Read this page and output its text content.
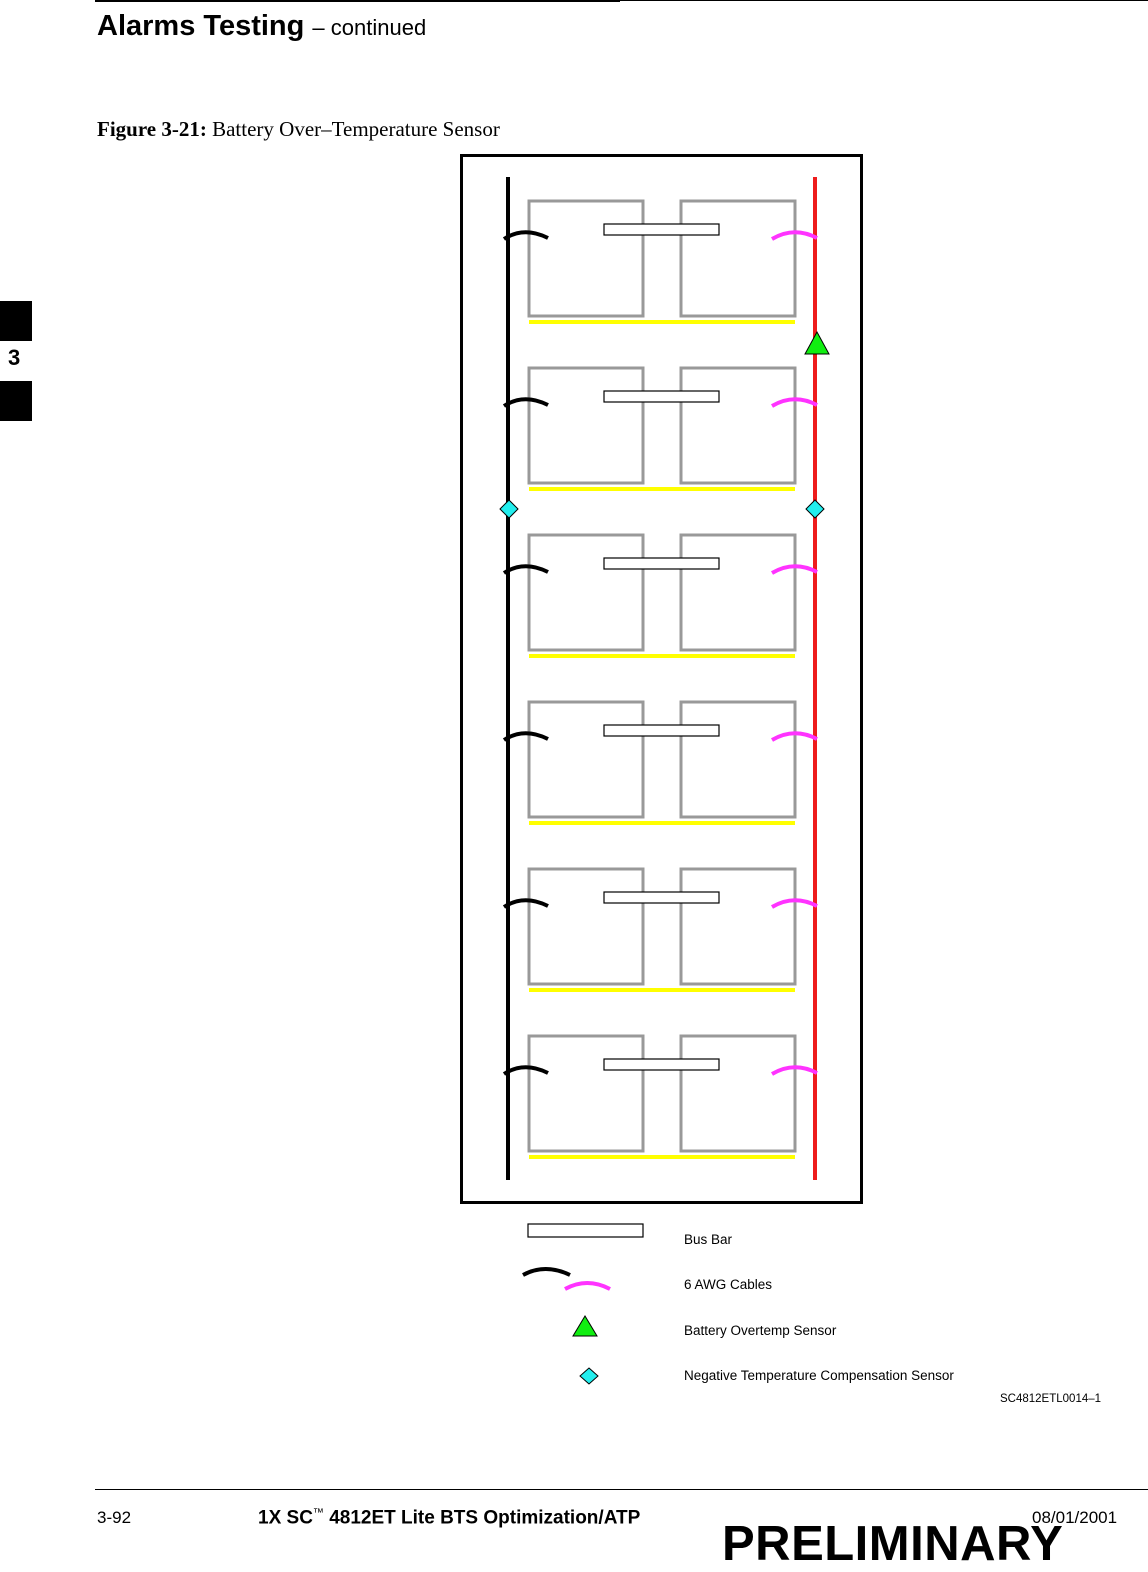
Alarms Testing – continued
Figure 3-21: Battery Over–Temperature Sensor
3
Bus Bar
6 AWG Cables
Battery Overtemp Sensor
Negative Temperature Compensation Sensor
SC4812ETL0014–1
3-92	1X SC™ 4812ET Lite BTS Optimization/ATP	08/01/2001
PRELIMINARY
